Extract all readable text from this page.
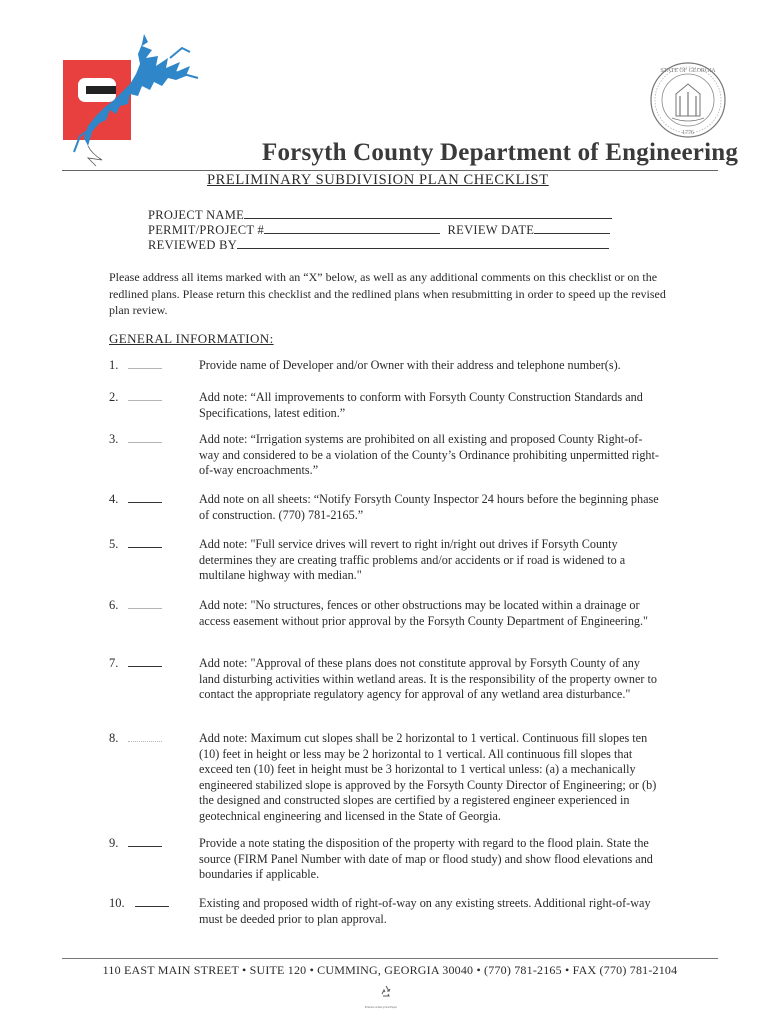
STATE OF GEORGIA
1776
Forsyth County Department of Engineering
PRELIMINARY SUBDIVISION PLAN CHECKLIST
PROJECT NAME
PERMIT/PROJECT #	REVIEW DATE
REVIEWED BY
Please address all items marked with an “X” below, as well as any additional comments on this checklist or on the redlined plans. Please return this checklist and the redlined plans when resubmitting in order to speed up the revised plan review.
GENERAL INFORMATION:
1.	Provide name of Developer and/or Owner with their address and telephone number(s).
2.	Add note: “All improvements to conform with Forsyth County Construction Standards and Specifications, latest edition.”
3.	Add note: “Irrigation systems are prohibited on all existing and proposed County Right-of-way and considered to be a violation of the County’s Ordinance prohibiting unpermitted right-of-way encroachments.”
4.	Add note on all sheets: “Notify Forsyth County Inspector 24 hours before the beginning phase of construction. (770) 781-2165.”
5.	Add note: "Full service drives will revert to right in/right out drives if Forsyth County determines they are creating traffic problems and/or accidents or if road is widened to a multilane highway with median."
6.	Add note: "No structures, fences or other obstructions may be located within a drainage or access easement without prior approval by the Forsyth County Department of Engineering."
7.	Add note: "Approval of these plans does not constitute approval by Forsyth County of any land disturbing activities within wetland areas. It is the responsibility of the property owner to contact the appropriate regulatory agency for approval of any wetland area disturbance."
8.	Add note: Maximum cut slopes shall be 2 horizontal to 1 vertical. Continuous fill slopes ten (10) feet in height or less may be 2 horizontal to 1 vertical. All continuous fill slopes that exceed ten (10) feet in height must be 3 horizontal to 1 vertical unless: (a) a mechanically engineered stabilized slope is approved by the Forsyth County Director of Engineering; or (b) the designed and constructed slopes are certified by a registered engineer experienced in geotechnical engineering and licensed in the State of Georgia.
9.	Provide a note stating the disposition of the property with regard to the flood plain. State the source (FIRM Panel Number with date of map or flood study) and show flood elevations and boundaries if applicable.
10.	Existing and proposed width of right-of-way on any existing streets. Additional right-of-way must be deeded prior to plan approval.
110 EAST MAIN STREET • SUITE 120 • CUMMING, GEORGIA 30040 • (770) 781-2165 • FAX (770) 781-2104
Printed on Recycled Paper
